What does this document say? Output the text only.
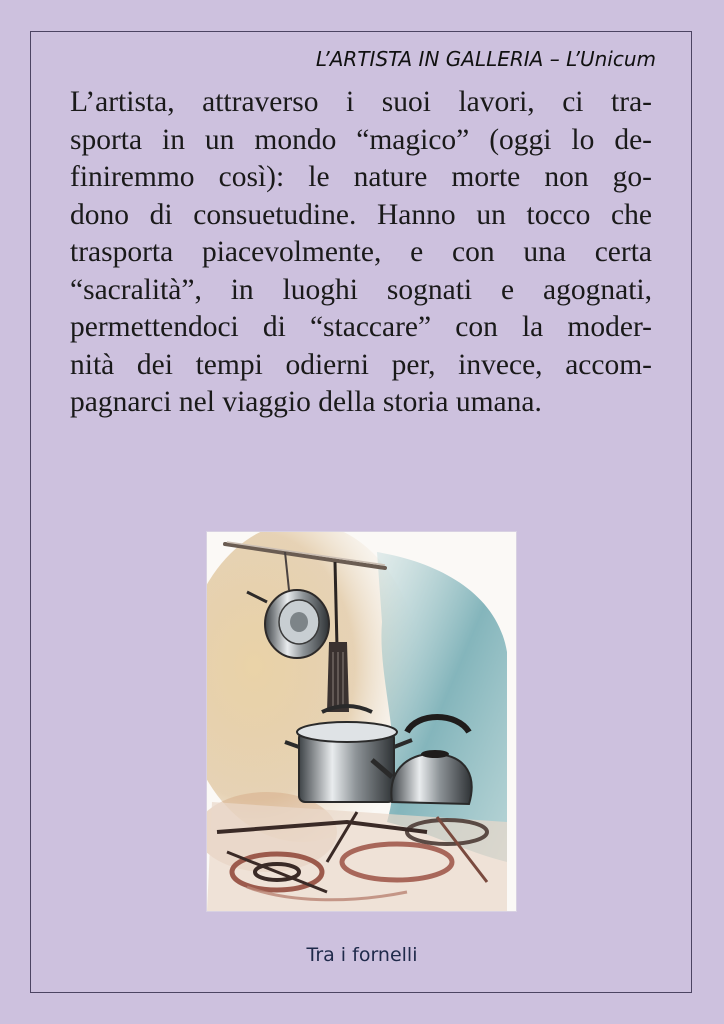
L’ARTISTA IN GALLERIA – L’Unicum

L’artista, attraverso i suoi lavori, ci tra-
sporta in un mondo “magico” (oggi lo de-
finiremmo così): le nature morte non go-
dono di consuetudine. Hanno un tocco che
trasporta piacevolmente, e con una certa
“sacralità”, in luoghi sognati e agognati,
permettendoci di “staccare” con la moder-
nità dei tempi odierni per, invece, accom-
pagnarci nel viaggio della storia umana.

Tra i fornelli
